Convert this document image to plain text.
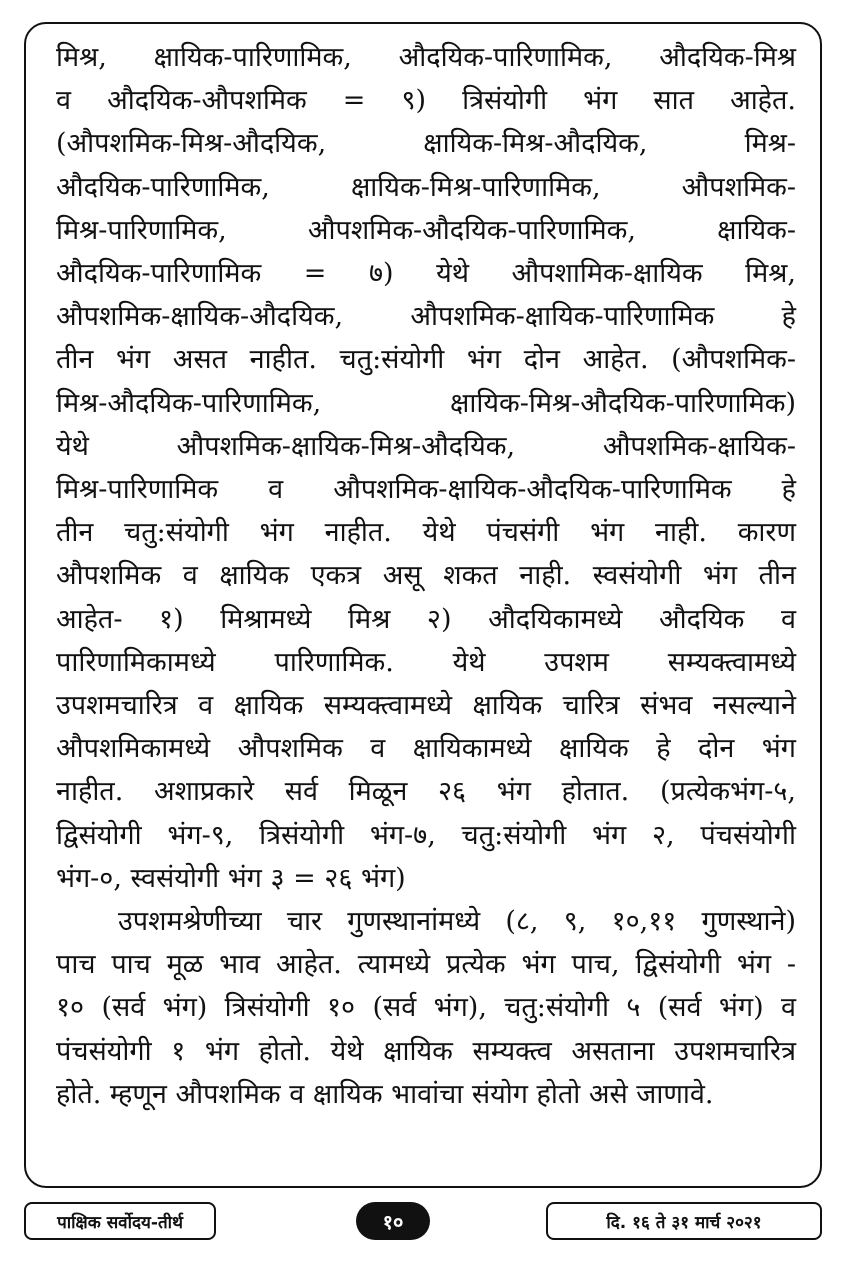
मिश्र, क्षायिक-पारिणामिक, औदयिक-पारिणामिक, औदयिक-मिश्र

व औदयिक-औपशमिक = ९) त्रिसंयोगी भंग सात आहेत.

(औपशमिक-मिश्र-औदयिक, क्षायिक-मिश्र-औदयिक, मिश्र-

औदयिक-पारिणामिक, क्षायिक-मिश्र-पारिणामिक, औपशमिक-

मिश्र-पारिणामिक, औपशमिक-औदयिक-पारिणामिक, क्षायिक-

औदयिक-पारिणामिक = ७) येथे औपशामिक-क्षायिक मिश्र,

औपशमिक-क्षायिक-औदयिक, औपशमिक-क्षायिक-पारिणामिक हे

तीन भंग असत नाहीत. चतु:संयोगी भंग दोन आहेत. (औपशमिक-

मिश्र-औदयिक-पारिणामिक, क्षायिक-मिश्र-औदयिक-पारिणामिक)

येथे औपशमिक-क्षायिक-मिश्र-औदयिक, औपशमिक-क्षायिक-

मिश्र-पारिणामिक व औपशमिक-क्षायिक-औदयिक-पारिणामिक हे

तीन चतु:संयोगी भंग नाहीत. येथे पंचसंगी भंग नाही. कारण

औपशमिक व क्षायिक एकत्र असू शकत नाही. स्वसंयोगी भंग तीन

आहेत- १) मिश्रामध्ये मिश्र २) औदयिकामध्ये औदयिक व

पारिणामिकामध्ये पारिणामिक. येथे उपशम सम्यक्त्वामध्ये

उपशमचारित्र व क्षायिक सम्यक्त्वामध्ये क्षायिक चारित्र संभव नसल्याने

औपशमिकामध्ये औपशमिक व क्षायिकामध्ये क्षायिक हे दोन भंग

नाहीत. अशाप्रकारे सर्व मिळून २६ भंग होतात. (प्रत्येकभंग-५,

द्विसंयोगी भंग-९, त्रिसंयोगी भंग-७, चतु:संयोगी भंग २, पंचसंयोगी

भंग-०, स्वसंयोगी भंग ३ = २६ भंग)

उपशमश्रेणीच्या चार गुणस्थानांमध्ये (८, ९, १०,११ गुणस्थाने)

पाच पाच मूळ भाव आहेत. त्यामध्ये प्रत्येक भंग पाच, द्विसंयोगी भंग -

१० (सर्व भंग) त्रिसंयोगी १० (सर्व भंग), चतु:संयोगी ५ (सर्व भंग) व

पंचसंयोगी १ भंग होतो. येथे क्षायिक सम्यक्त्व असताना उपशमचारित्र

होते. म्हणून औपशमिक व क्षायिक भावांचा संयोग होतो असे जाणावे.

पाक्षिक सर्वोदय-तीर्थ	१०	दि. १६ ते ३१ मार्च २०२१
